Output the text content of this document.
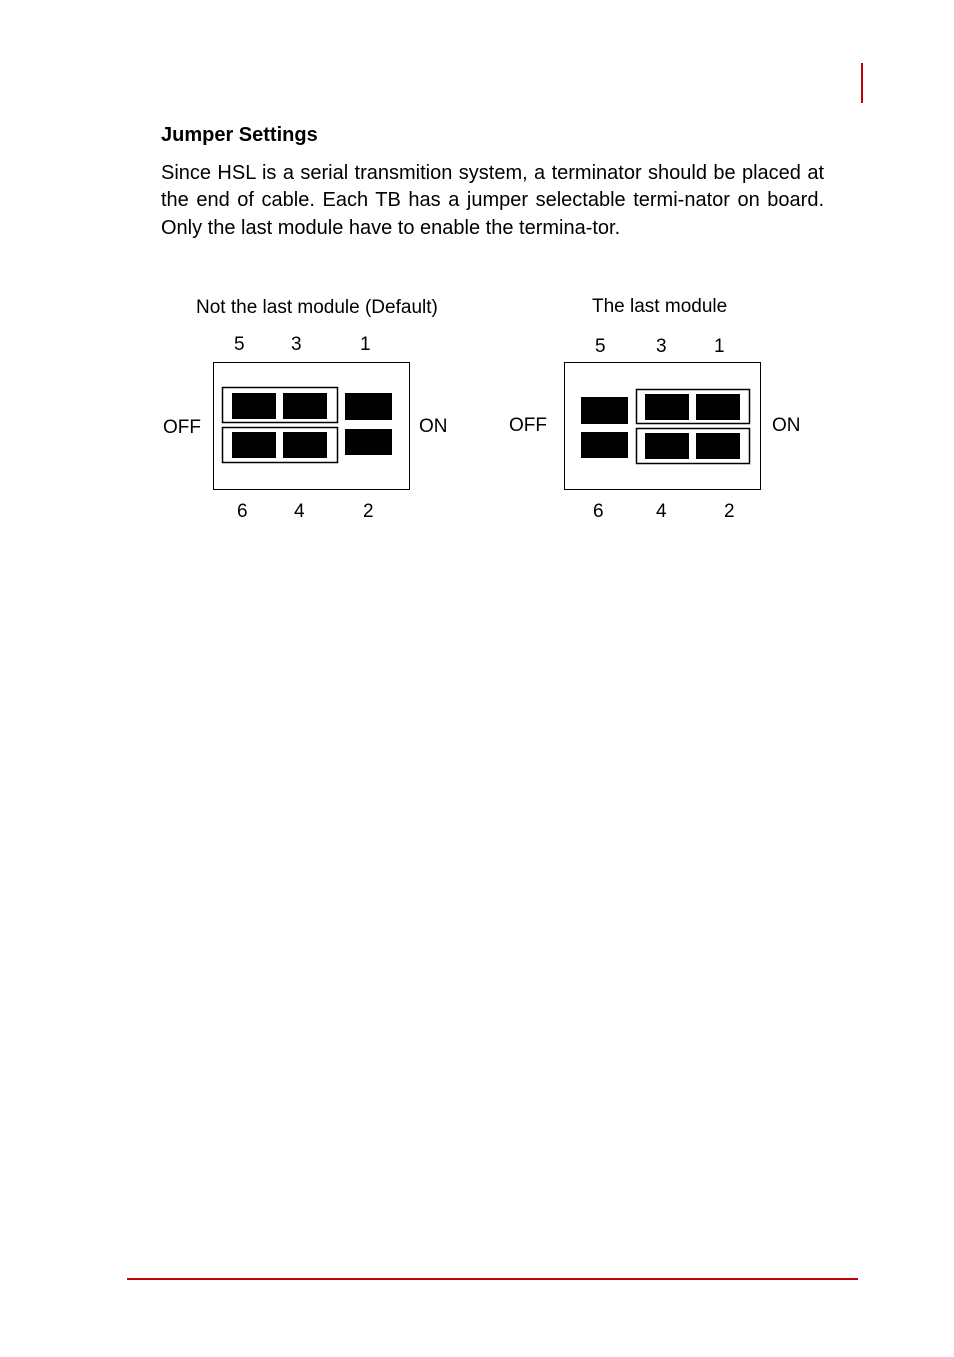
Jumper Settings

Since HSL is a serial transmition system, a terminator should be placed at the end of cable. Each TB has a jumper selectable termi-nator on board. Only the last module have to enable the termina-tor.

Not the last module (Default)
5 3	1
OFF	ON
6 4	2
The last module
5	3 1
OFF	ON
6	4	2
